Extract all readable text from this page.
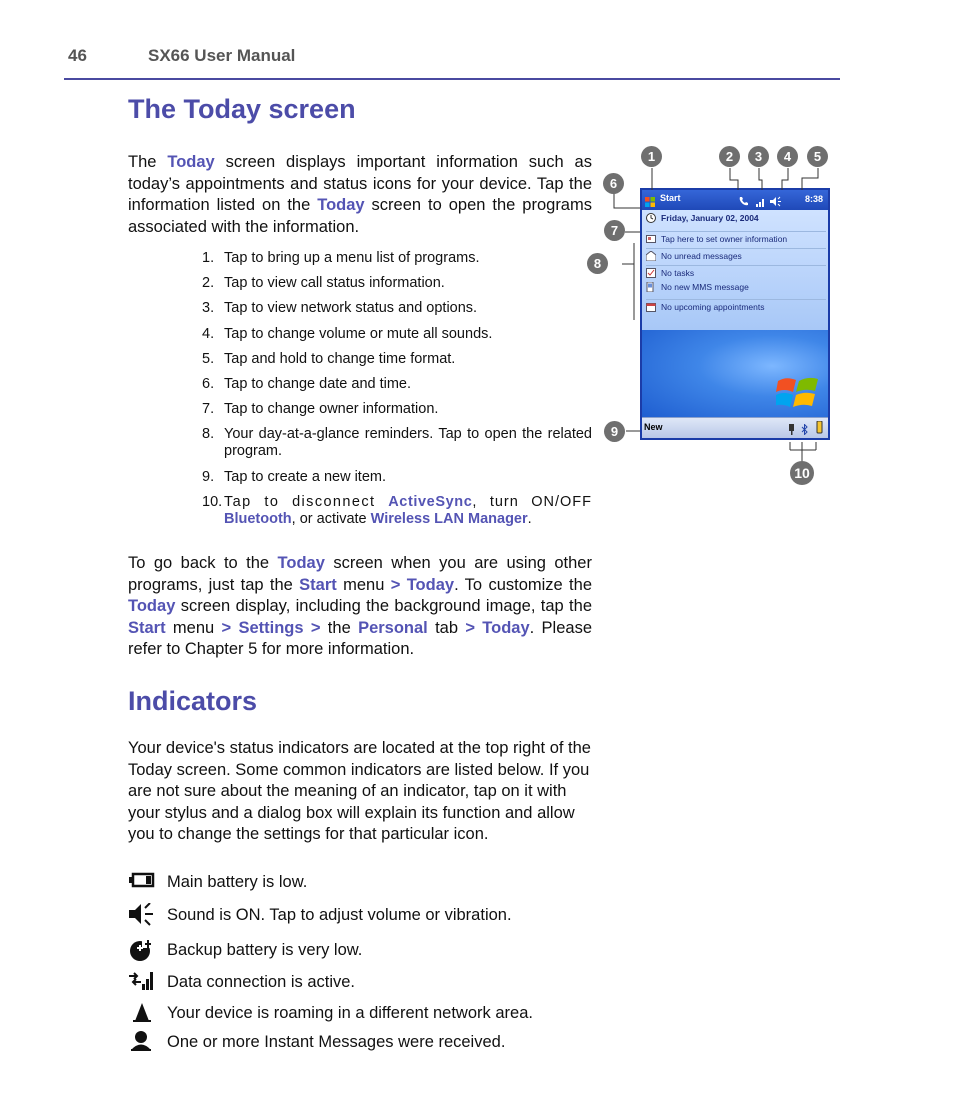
46	SX66 User Manual
The Today screen

The Today screen displays important information such as today’s appointments and status icons for your device. Tap the information listed on the Today screen to open the programs associated with the information.

1. Tap to bring up a menu list of programs.
2. Tap to view call status information.
3. Tap to view network status and options.
4. Tap to change volume or mute all sounds.
5. Tap and hold to change time format.
6. Tap to change date and time.
7. Tap to change owner information.
8. Your day-at-a-glance reminders. Tap to open the related program.
9. Tap to create a new item.
10. Tap to disconnect ActiveSync, turn ON/OFF Bluetooth, or activate Wireless LAN Manager.
Start	8:38
Friday, January 02, 2004
Tap here to set owner information
No unread messages
No tasks
No new MMS message
No upcoming appointments
New
1	2	3	4	5
6
7
8
9
10

To go back to the Today screen when you are using other programs, just tap the Start menu > Today. To customize the Today screen display, including the background image, tap the Start menu > Settings > the Personal tab > Today. Please refer to Chapter 5 for more information.

Indicators

Your device's status indicators are located at the top right of the Today screen. Some common indicators are listed below. If you are not sure about the meaning of an indicator, tap on it with your stylus and a dialog box will explain its function and allow you to change the settings for that particular icon.

Main battery is low.
Sound is ON. Tap to adjust volume or vibration.
Backup battery is very low.
Data connection is active.
Your device is roaming in a different network area.
One or more Instant Messages were received.
